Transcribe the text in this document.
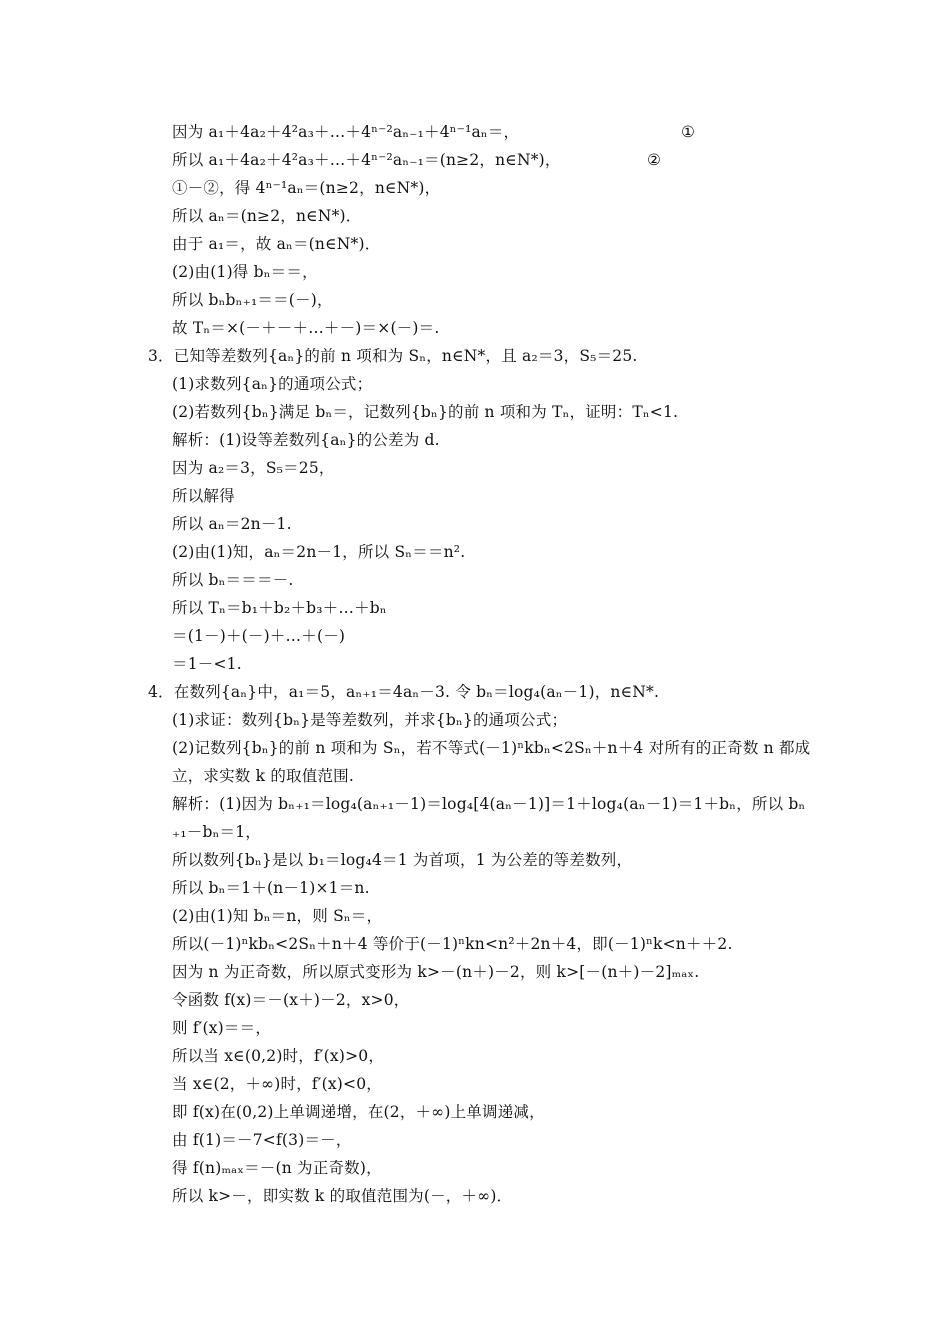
因为 a₁＋4a₂＋4²a₃＋…＋4ⁿ⁻²aₙ₋₁＋4ⁿ⁻¹aₙ＝，	①
所以 a₁＋4a₂＋4²a₃＋…＋4ⁿ⁻²aₙ₋₁＝(n≥2，n∈N*)，	②
①－②，得 4ⁿ⁻¹aₙ＝(n≥2，n∈N*)，
所以 aₙ＝(n≥2，n∈N*)．
由于 a₁＝，故 aₙ＝(n∈N*)．
(2)由(1)得 bₙ＝＝，
所以 bₙbₙ₊₁＝＝(－)，
故 Tₙ＝×(－＋－＋…＋－)＝×(－)＝.
3．已知等差数列{aₙ}的前 n 项和为 Sₙ，n∈N*，且 a₂＝3，S₅＝25.
(1)求数列{aₙ}的通项公式；
(2)若数列{bₙ}满足 bₙ＝，记数列{bₙ}的前 n 项和为 Tₙ，证明：Tₙ<1.
解析：(1)设等差数列{aₙ}的公差为 d.
因为 a₂＝3，S₅＝25，
所以解得
所以 aₙ＝2n－1.
(2)由(1)知，aₙ＝2n－1，所以 Sₙ＝＝n².
所以 bₙ＝＝＝－.
所以 Tₙ＝b₁＋b₂＋b₃＋…＋bₙ
＝(1－)＋(－)＋…＋(－)
＝1－<1.
4．在数列{aₙ}中，a₁＝5，aₙ₊₁＝4aₙ－3. 令 bₙ＝log₄(aₙ－1)，n∈N*.
(1)求证：数列{bₙ}是等差数列，并求{bₙ}的通项公式；
(2)记数列{bₙ}的前 n 项和为 Sₙ，若不等式(－1)ⁿkbₙ<2Sₙ＋n＋4 对所有的正奇数 n 都成
立，求实数 k 的取值范围.
解析：(1)因为 bₙ₊₁＝log₄(aₙ₊₁－1)＝log₄[4(aₙ－1)]＝1＋log₄(aₙ－1)＝1＋bₙ，所以 bₙ
₊₁－bₙ＝1，
所以数列{bₙ}是以 b₁＝log₄4＝1 为首项，1 为公差的等差数列，
所以 bₙ＝1＋(n－1)×1＝n.
(2)由(1)知 bₙ＝n，则 Sₙ＝，
所以(－1)ⁿkbₙ<2Sₙ＋n＋4 等价于(－1)ⁿkn<n²＋2n＋4，即(－1)ⁿk<n＋＋2.
因为 n 为正奇数，所以原式变形为 k>－(n＋)－2，则 k>[－(n＋)－2]ₘₐₓ.
令函数 f(x)＝－(x＋)－2，x>0，
则 f′(x)＝＝，
所以当 x∈(0,2)时，f′(x)>0，
当 x∈(2，＋∞)时，f′(x)<0，
即 f(x)在(0,2)上单调递增，在(2，＋∞)上单调递减，
由 f(1)＝－7<f(3)＝－，
得 f(n)ₘₐₓ＝－(n 为正奇数)，
所以 k>－，即实数 k 的取值范围为(－，＋∞)．
